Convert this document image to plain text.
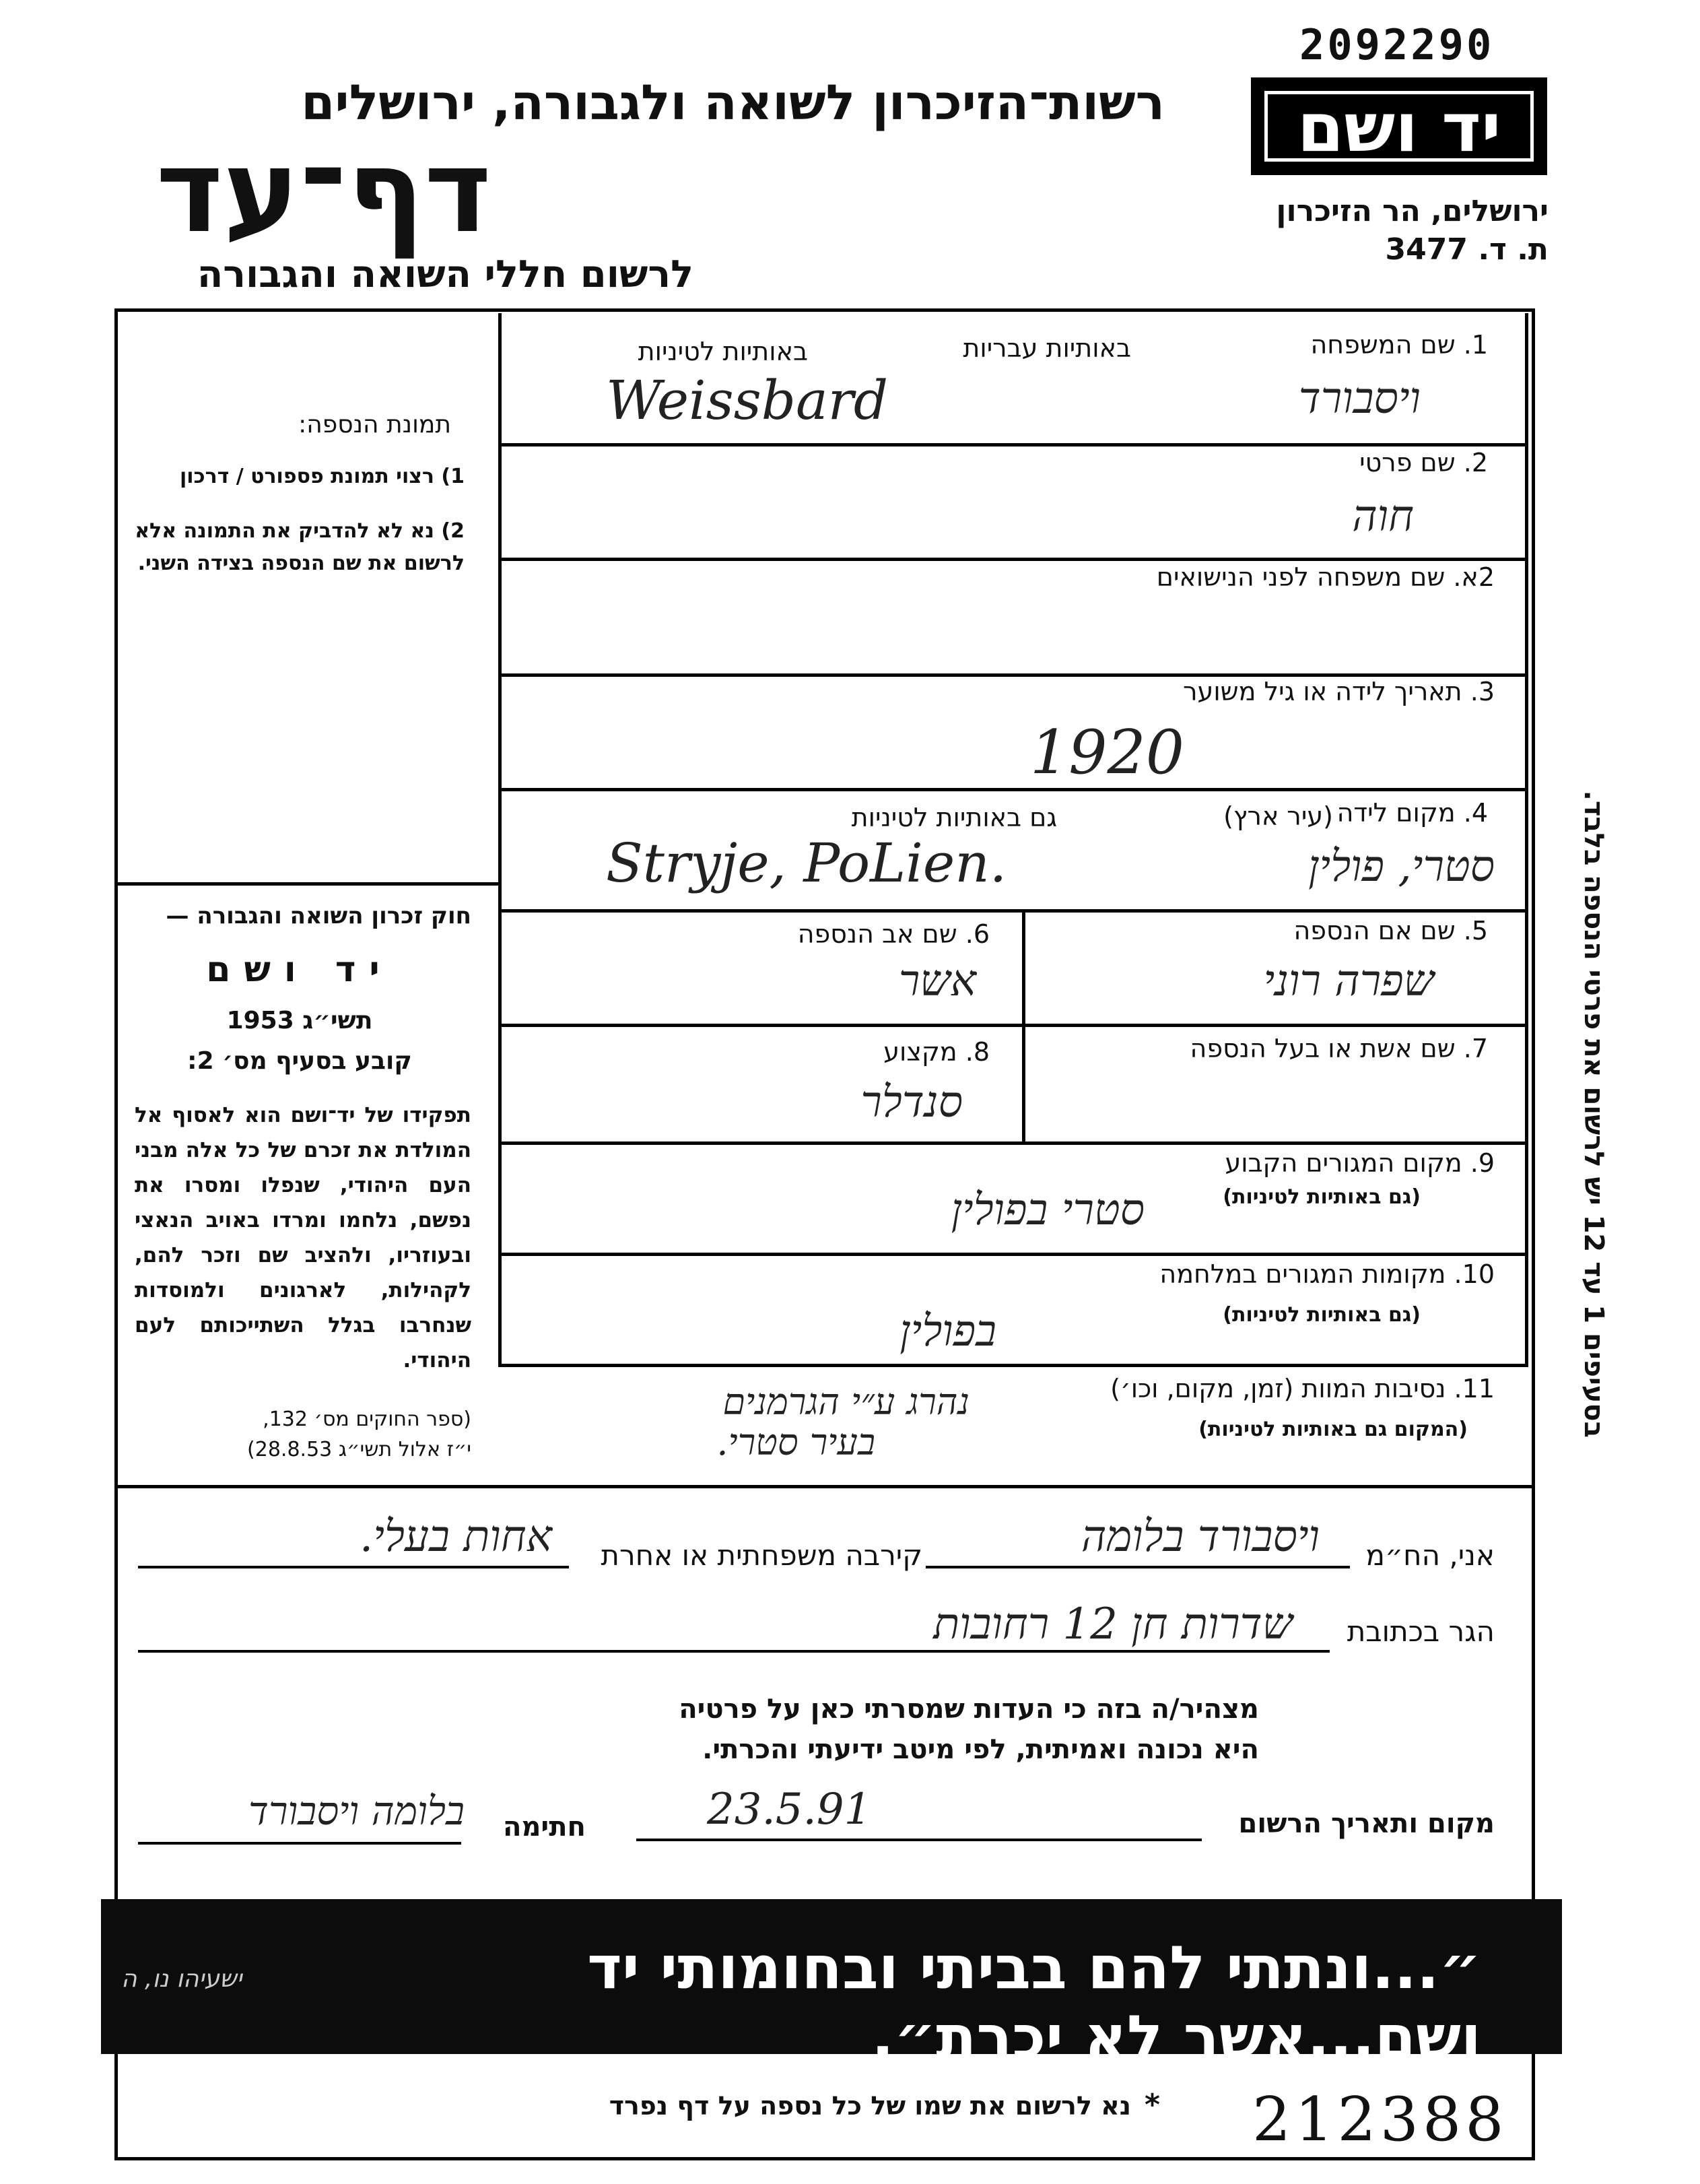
2092290
יד ושם
ירושלים, הר הזיכרון
ת. ד. 3477
רשות־הזיכרון לשואה ולגבורה, ירושלים
דף־עד
לרשום חללי השואה והגבורה
בסעיפים 1 עד 12 יש לרשום את פרטי הנספה בלבד.
תמונת הנספה:
1) רצוי תמונת פספורט / דרכון
2) נא לא להדביק את התמונה אלא לרשום את שם הנספה בצידה השני.
חוק זכרון השואה והגבורה —
יד ושם
תשי״ג 1953
קובע בסעיף מס׳ 2:
תפקידו של יד־ושם הוא לאסוף אל המולדת את זכרם של כל אלה מבני העם היהודי, שנפלו ומסרו את נפשם, נלחמו ומרדו באויב הנאצי ובעוזריו, ולהציב שם וזכר להם, לקהילות, לארגונים ולמוסדות שנחרבו בגלל השתייכותם לעם היהודי.
(ספר החוקים מס׳ 132,
י״ז אלול תשי״ג 28.8.53)
1. שם המשפחה
באותיות עבריות
באותיות לטיניות
ויסבורד
Weissbard
2. שם פרטי
חוה
2א. שם משפחה לפני הנישואים
3. תאריך לידה או גיל משוער
1920
4. מקום לידה
(עיר ארץ)
גם באותיות לטיניות
סטרי, פולין
Stryje, PoLien.
5. שם אם הנספה
שפרה רוני
6. שם אב הנספה
אשר
7. שם אשת או בעל הנספה
8. מקצוע
סנדלר
9. מקום המגורים הקבוע
(גם באותיות לטיניות)
סטרי בפולין
10. מקומות המגורים במלחמה
(גם באותיות לטיניות)
בפולין
11. נסיבות המוות (זמן, מקום, וכו׳)
(המקום גם באותיות לטיניות)
נהרג ע״י הגרמנים
בעיר סטרי.
אני, הח״מ
ויסבורד בלומה
קירבה משפחתית או אחרת
אחות בעלי.
הגר בכתובת
שדרות חן 12 רחובות
מצהיר/ה בזה כי העדות שמסרתי כאן על פרטיה
היא נכונה ואמיתית, לפי מיטב ידיעתי והכרתי.
מקום ותאריך הרשום
23.5.91
חתימה
בלומה ויסבורד
״...ונתתי להם בביתי ובחומותי יד ושם...אשר לא יכרת״.
ישעיהו נו, ה
נא לרשום את שמו של כל נספה על דף נפרד * 212388
